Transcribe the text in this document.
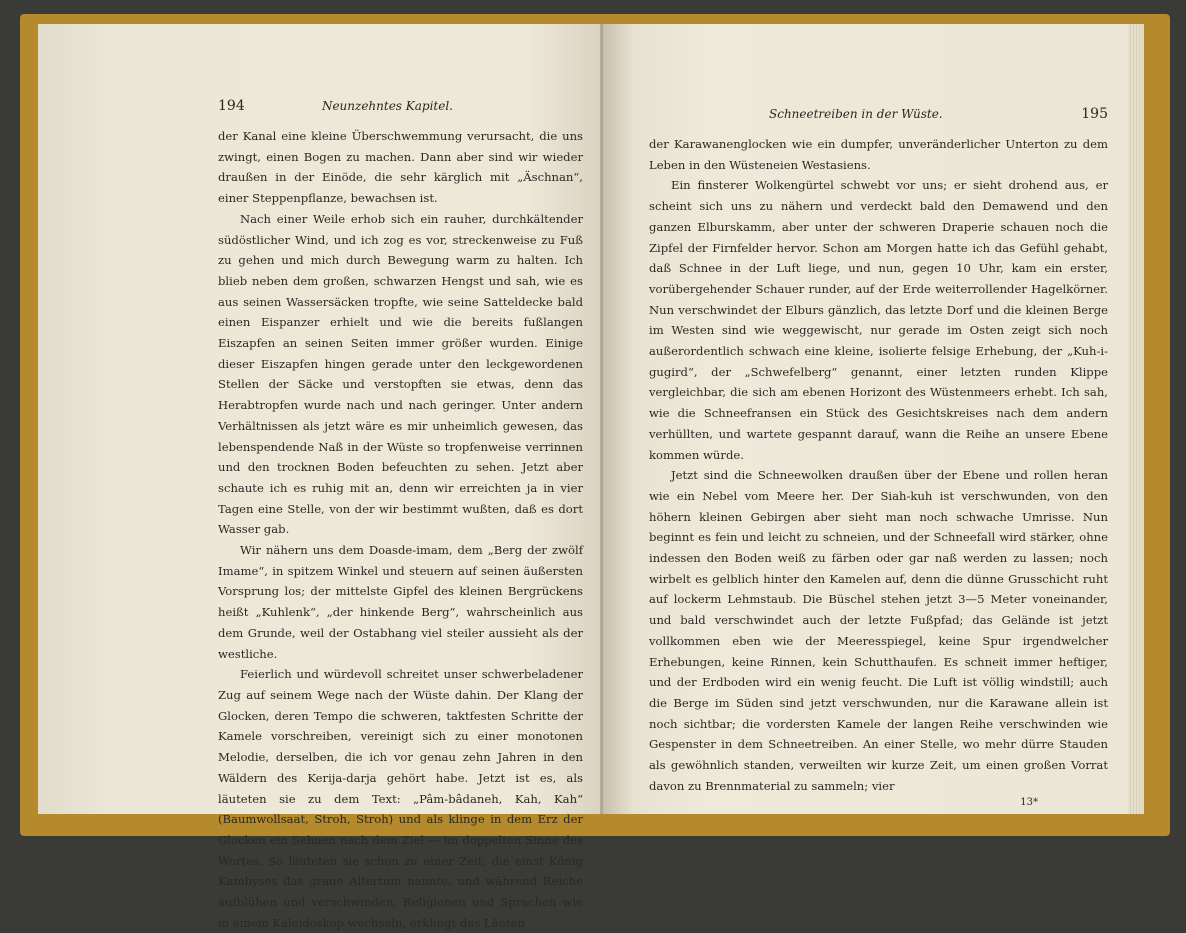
194	Neunzehntes Kapitel.

der Kanal eine kleine Überschwemmung verursacht, die uns zwingt, einen Bogen zu machen. Dann aber sind wir wieder draußen in der Einöde, die sehr kärglich mit „Äschnan“, einer Steppenpflanze, bewachsen ist.

Nach einer Weile erhob sich ein rauher, durchkältender südöstlicher Wind, und ich zog es vor, streckenweise zu Fuß zu gehen und mich durch Bewegung warm zu halten. Ich blieb neben dem großen, schwarzen Hengst und sah, wie es aus seinen Wassersäcken tropfte, wie seine Satteldecke bald einen Eispanzer erhielt und wie die bereits fußlangen Eiszapfen an seinen Seiten immer größer wurden. Einige dieser Eiszapfen hingen gerade unter den leckgewordenen Stellen der Säcke und verstopften sie etwas, denn das Herabtropfen wurde nach und nach geringer. Unter andern Verhältnissen als jetzt wäre es mir unheimlich gewesen, das lebenspendende Naß in der Wüste so tropfenweise verrinnen und den trocknen Boden befeuchten zu sehen. Jetzt aber schaute ich es ruhig mit an, denn wir erreichten ja in vier Tagen eine Stelle, von der wir bestimmt wußten, daß es dort Wasser gab.

Wir nähern uns dem Doasde-imam, dem „Berg der zwölf Imame“, in spitzem Winkel und steuern auf seinen äußersten Vorsprung los; der mittelste Gipfel des kleinen Bergrückens heißt „Kuhlenk“, „der hinkende Berg“, wahrscheinlich aus dem Grunde, weil der Ostabhang viel steiler aussieht als der westliche.

Feierlich und würdevoll schreitet unser schwerbeladener Zug auf seinem Wege nach der Wüste dahin. Der Klang der Glocken, deren Tempo die schweren, taktfesten Schritte der Kamele vorschreiben, vereinigt sich zu einer monotonen Melodie, derselben, die ich vor genau zehn Jahren in den Wäldern des Kerija-darja gehört habe. Jetzt ist es, als läuteten sie zu dem Text: „Pâm-bâdaneh, Kah, Kah“ (Baumwollsaat, Stroh, Stroh) und als klinge in dem Erz der Glocken ein Sehnen nach dem Ziel — im doppelten Sinne des Wortes. So läuteten sie schon zu einer Zeit, die einst König Kambyses das graue Altertum nannte, und während Reiche aufblühen und verschwinden, Religionen und Sprachen wie in einem Kaleidoskop wechseln, erklingt das Läuten

Schneetreiben in der Wüste.	195

der Karawanenglocken wie ein dumpfer, unveränderlicher Unterton zu dem Leben in den Wüsteneien Westasiens.

Ein finsterer Wolkengürtel schwebt vor uns; er sieht drohend aus, er scheint sich uns zu nähern und verdeckt bald den Demawend und den ganzen Elburskamm, aber unter der schweren Draperie schauen noch die Zipfel der Firnfelder hervor. Schon am Morgen hatte ich das Gefühl gehabt, daß Schnee in der Luft liege, und nun, gegen 10 Uhr, kam ein erster, vorübergehender Schauer runder, auf der Erde weiterrollender Hagelkörner. Nun verschwindet der Elburs gänzlich, das letzte Dorf und die kleinen Berge im Westen sind wie weggewischt, nur gerade im Osten zeigt sich noch außerordentlich schwach eine kleine, isolierte felsige Erhebung, der „Kuh-i-gugird“, der „Schwefelberg“ genannt, einer letzten runden Klippe vergleichbar, die sich am ebenen Horizont des Wüstenmeers erhebt. Ich sah, wie die Schneefransen ein Stück des Gesichtskreises nach dem andern verhüllten, und wartete gespannt darauf, wann die Reihe an unsere Ebene kommen würde.

Jetzt sind die Schneewolken draußen über der Ebene und rollen heran wie ein Nebel vom Meere her. Der Siah-kuh ist verschwunden, von den höhern kleinen Gebirgen aber sieht man noch schwache Umrisse. Nun beginnt es fein und leicht zu schneien, und der Schneefall wird stärker, ohne indessen den Boden weiß zu färben oder gar naß werden zu lassen; noch wirbelt es gelblich hinter den Kamelen auf, denn die dünne Grusschicht ruht auf lockerm Lehmstaub. Die Büschel stehen jetzt 3—5 Meter voneinander, und bald verschwindet auch der letzte Fußpfad; das Gelände ist jetzt vollkommen eben wie der Meeresspiegel, keine Spur irgendwelcher Erhebungen, keine Rinnen, kein Schutthaufen. Es schneit immer heftiger, und der Erdboden wird ein wenig feucht. Die Luft ist völlig windstill; auch die Berge im Süden sind jetzt verschwunden, nur die Karawane allein ist noch sichtbar; die vordersten Kamele der langen Reihe verschwinden wie Gespenster in dem Schneetreiben. An einer Stelle, wo mehr dürre Stauden als gewöhnlich standen, verweilten wir kurze Zeit, um einen großen Vorrat davon zu Brennmaterial zu sammeln; vier

13*
